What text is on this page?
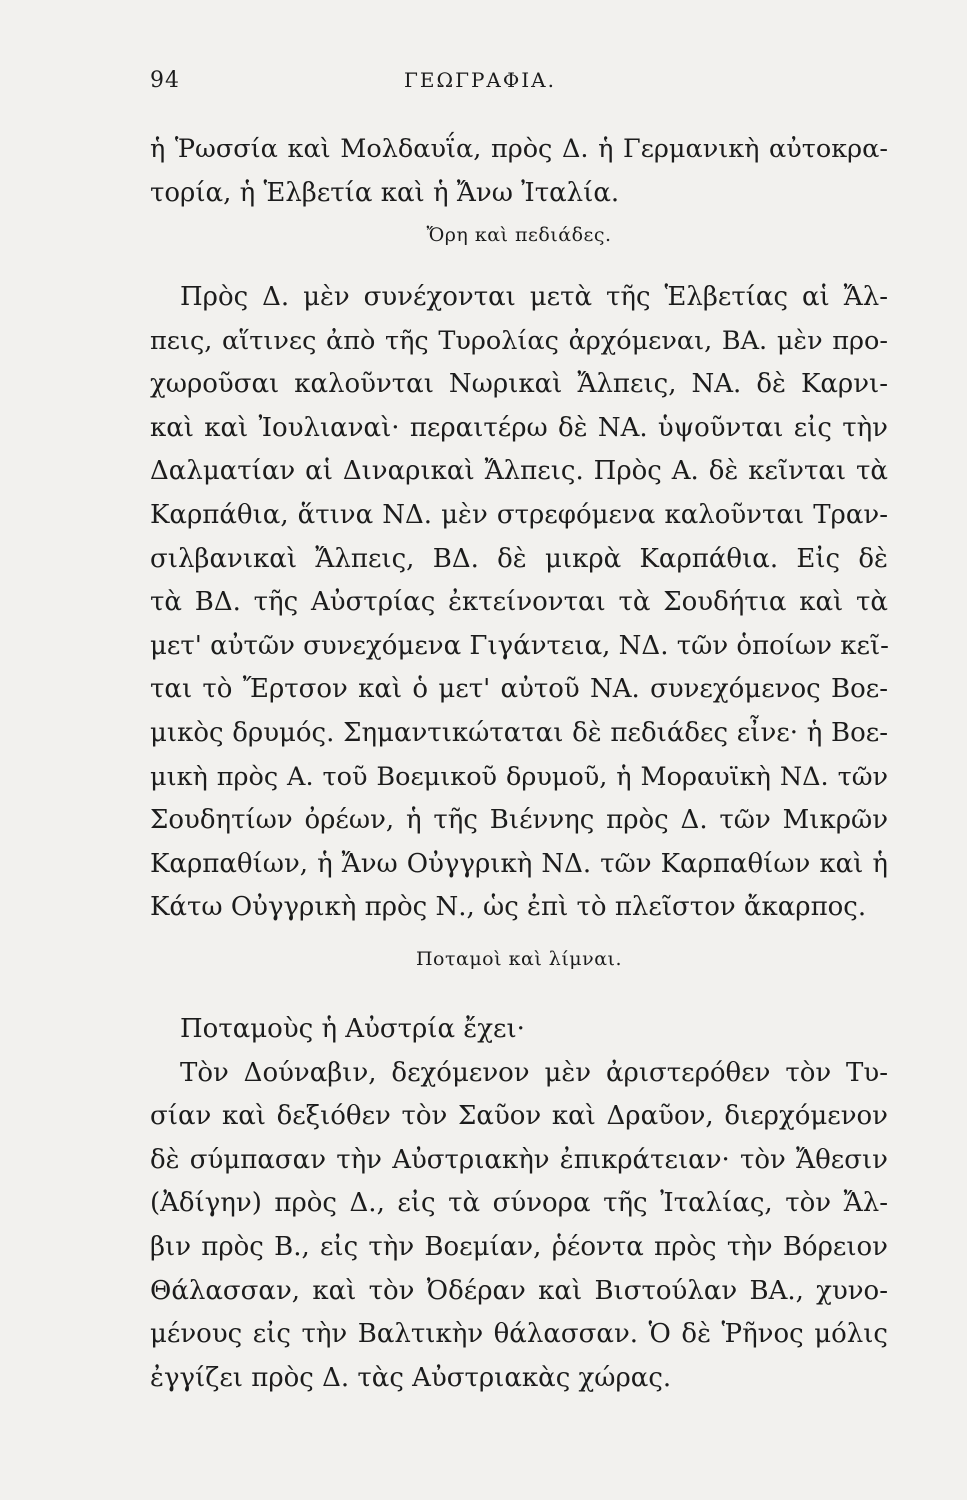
94	ΓΕΩΓΡΑΦΙΑ.
ἡ Ῥωσσία καὶ Μολδαυΐα, πρὸς Δ. ἡ Γερμανικὴ αὐτοκρα-
τορία, ἡ Ἑλβετία καὶ ἡ Ἄνω Ἰταλία.
Ὄρη καὶ πεδιάδες.
Πρὸς Δ. μὲν συνέχονται μετὰ τῆς Ἑλβετίας αἱ Ἄλ-
πεις, αἵτινες ἀπὸ τῆς Τυρολίας ἀρχόμεναι, ΒΑ. μὲν προ-
χωροῦσαι καλοῦνται Νωρικαὶ Ἄλπεις, ΝΑ. δὲ Καρνι-
καὶ καὶ Ἰουλιαναὶ· περαιτέρω δὲ ΝΑ. ὑψοῦνται εἰς τὴν
Δαλματίαν αἱ Διναρικαὶ Ἄλπεις. Πρὸς Α. δὲ κεῖνται τὰ
Καρπάθια, ἅτινα ΝΔ. μὲν στρεφόμενα καλοῦνται Τραν-
σιλβανικαὶ Ἄλπεις, ΒΔ. δὲ μικρὰ Καρπάθια. Εἰς δὲ
τὰ ΒΔ. τῆς Αὐστρίας ἐκτείνονται τὰ Σουδήτια καὶ τὰ
μετ' αὐτῶν συνεχόμενα Γιγάντεια, ΝΔ. τῶν ὁποίων κεῖ-
ται τὸ Ἔρτσον καὶ ὁ μετ' αὐτοῦ ΝΑ. συνεχόμενος Βοε-
μικὸς δρυμός. Σημαντικώταται δὲ πεδιάδες εἶνε· ἡ Βοε-
μικὴ πρὸς Α. τοῦ Βοεμικοῦ δρυμοῦ, ἡ Μοραυϊκὴ ΝΔ. τῶν
Σουδητίων ὀρέων, ἡ τῆς Βιέννης πρὸς Δ. τῶν Μικρῶν
Καρπαθίων, ἡ Ἄνω Οὐγγρικὴ ΝΔ. τῶν Καρπαθίων καὶ ἡ
Κάτω Οὐγγρικὴ πρὸς Ν., ὡς ἐπὶ τὸ πλεῖστον ἄκαρπος.
Ποταμοὶ καὶ λίμναι.
Ποταμοὺς ἡ Αὐστρία ἔχει·
Τὸν Δούναβιν, δεχόμενον μὲν ἀριστερόθεν τὸν Τυ-
σίαν καὶ δεξιόθεν τὸν Σαῦον καὶ Δραῦον, διερχόμενον
δὲ σύμπασαν τὴν Αὐστριακὴν ἐπικράτειαν· τὸν Ἄθεσιν
(Ἀδίγην) πρὸς Δ., εἰς τὰ σύνορα τῆς Ἰταλίας, τὸν Ἄλ-
βιν πρὸς Β., εἰς τὴν Βοεμίαν, ῥέοντα πρὸς τὴν Βόρειον
Θάλασσαν, καὶ τὸν Ὀδέραν καὶ Βιστούλαν ΒΑ., χυνο-
μένους εἰς τὴν Βαλτικὴν θάλασσαν. Ὁ δὲ Ῥῆνος μόλις
ἐγγίζει πρὸς Δ. τὰς Αὐστριακὰς χώρας.
